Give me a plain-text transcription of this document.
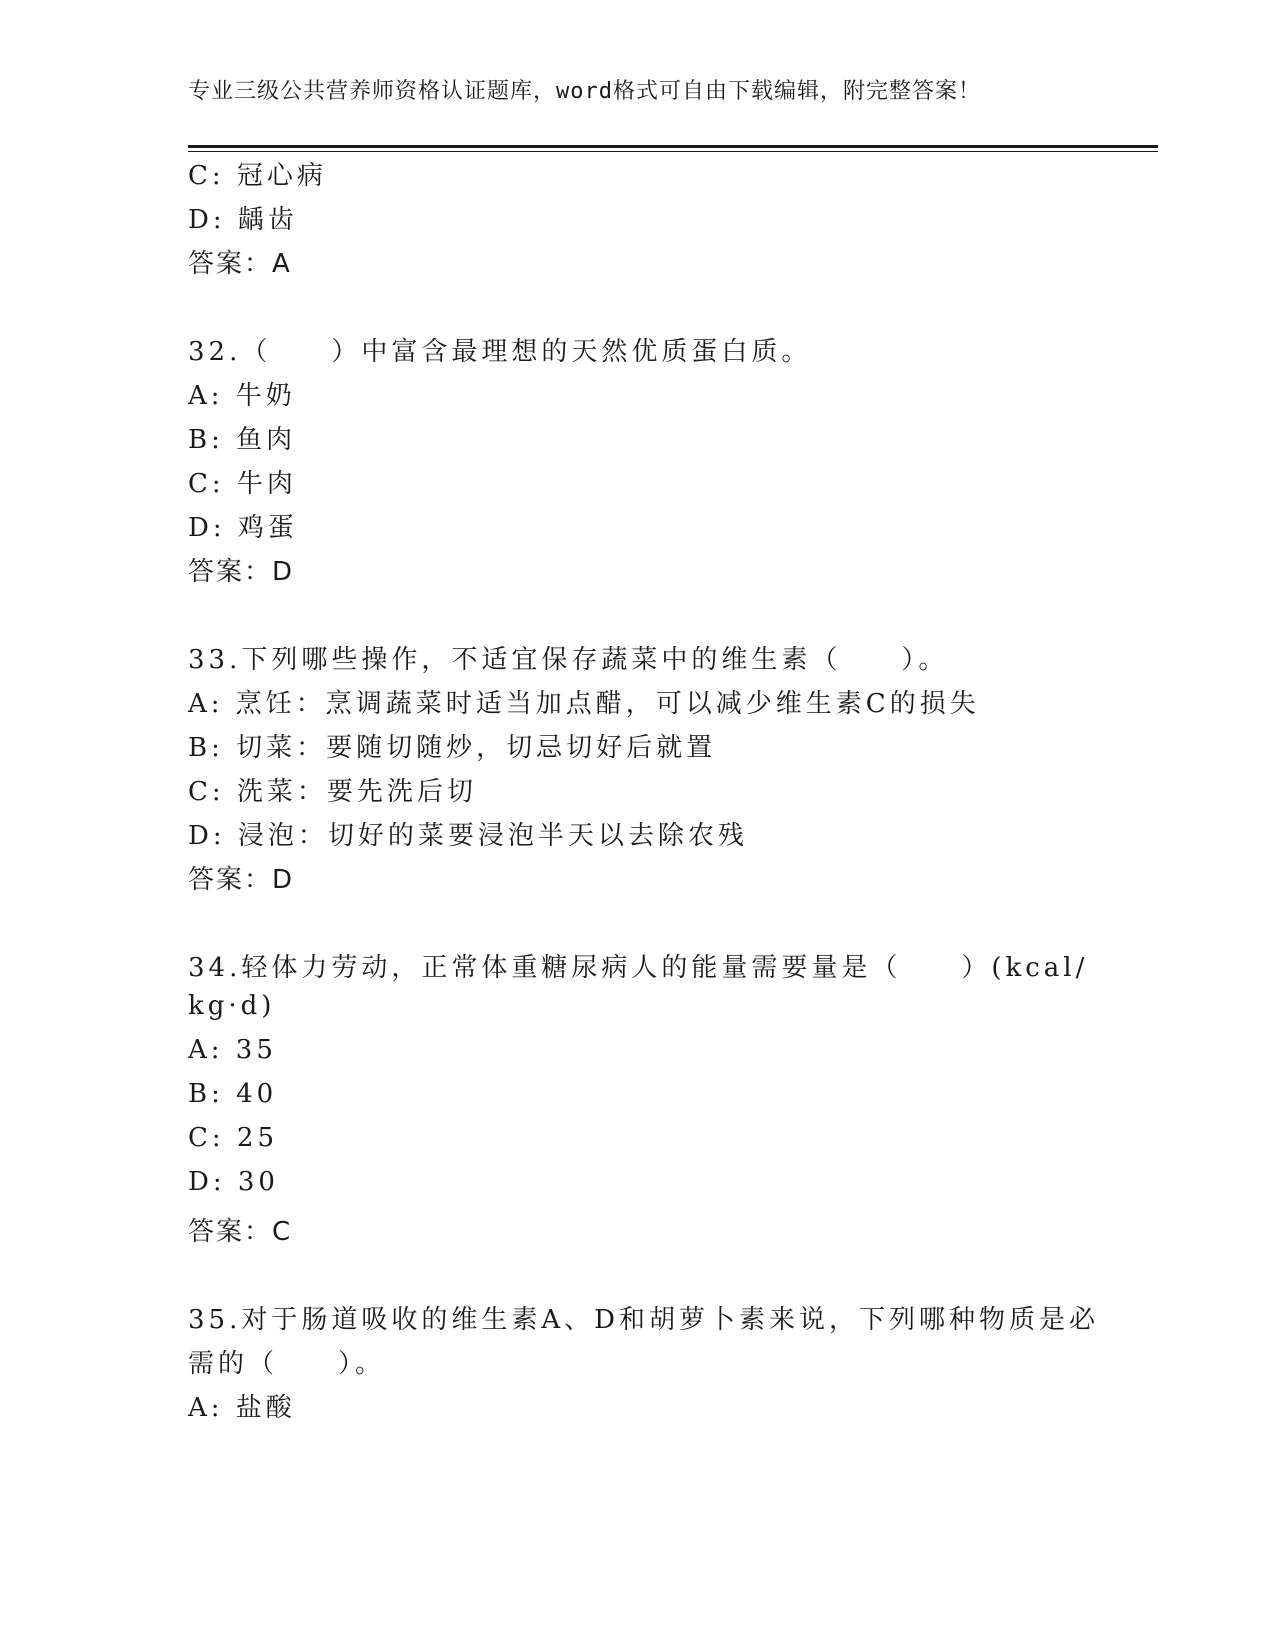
专业三级公共营养师资格认证题库，word格式可自由下载编辑，附完整答案！
C: 冠心病
D: 龋齿
答案：A
32.（　　）中富含最理想的天然优质蛋白质。
A: 牛奶
B: 鱼肉
C: 牛肉
D: 鸡蛋
答案：D
33.下列哪些操作，不适宜保存蔬菜中的维生素（　　）。
A: 烹饪：烹调蔬菜时适当加点醋，可以减少维生素C的损失
B: 切菜：要随切随炒，切忌切好后就置
C: 洗菜：要先洗后切
D: 浸泡：切好的菜要浸泡半天以去除农残
答案：D
34.轻体力劳动，正常体重糖尿病人的能量需要量是（　　）(kcal/
kg·d)
A: 35
B: 40
C: 25
D: 30
答案：C
35.对于肠道吸收的维生素A、D和胡萝卜素来说，下列哪种物质是必
需的（　　）。
A: 盐酸
